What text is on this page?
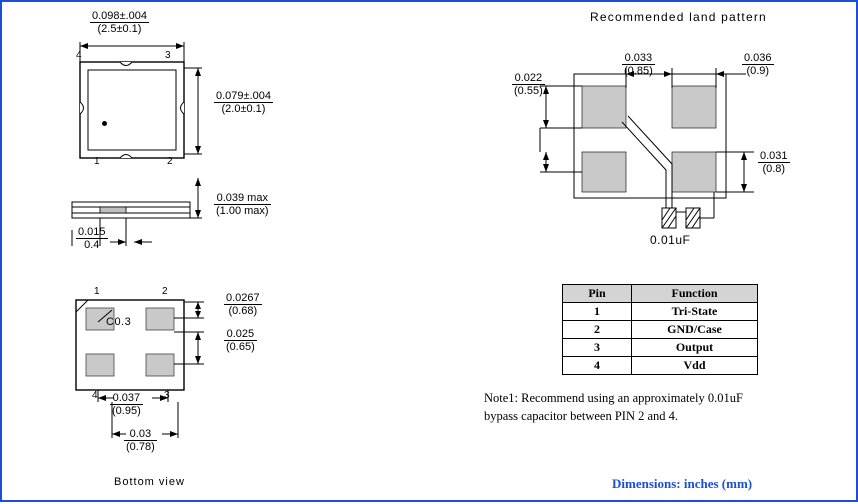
$\frac{0.098\pm.004}{(2.5\pm 0.1)}$
4	3
1	2
$\frac{0.079\pm.004}{(2.0\pm 0.1)}$
0.039 max
(1.00 max)
$\frac{0.015}{0.4}$
1	2
4	3
C0.3
$\frac{0.0267}{(0.68)}$
$\frac{0.025}{(0.65)}$
$\frac{0.037}{(0.95)}$
$\frac{0.03}{(0.78)}$
Bottom view
Recommended land pattern
$\frac{0.022}{(0.55)}$
$\frac{0.033}{(0.85)}$	$\frac{0.036}{(0.9)}$
$\frac{0.031}{(0.8)}$
0.01uF
Pin	Function
1	Tri-State
2	GND/Case
3	Output
4	Vdd
Note1: Recommend using an approximately 0.01uF
bypass capacitor between PIN 2 and 4.
Dimensions: inches (mm)
